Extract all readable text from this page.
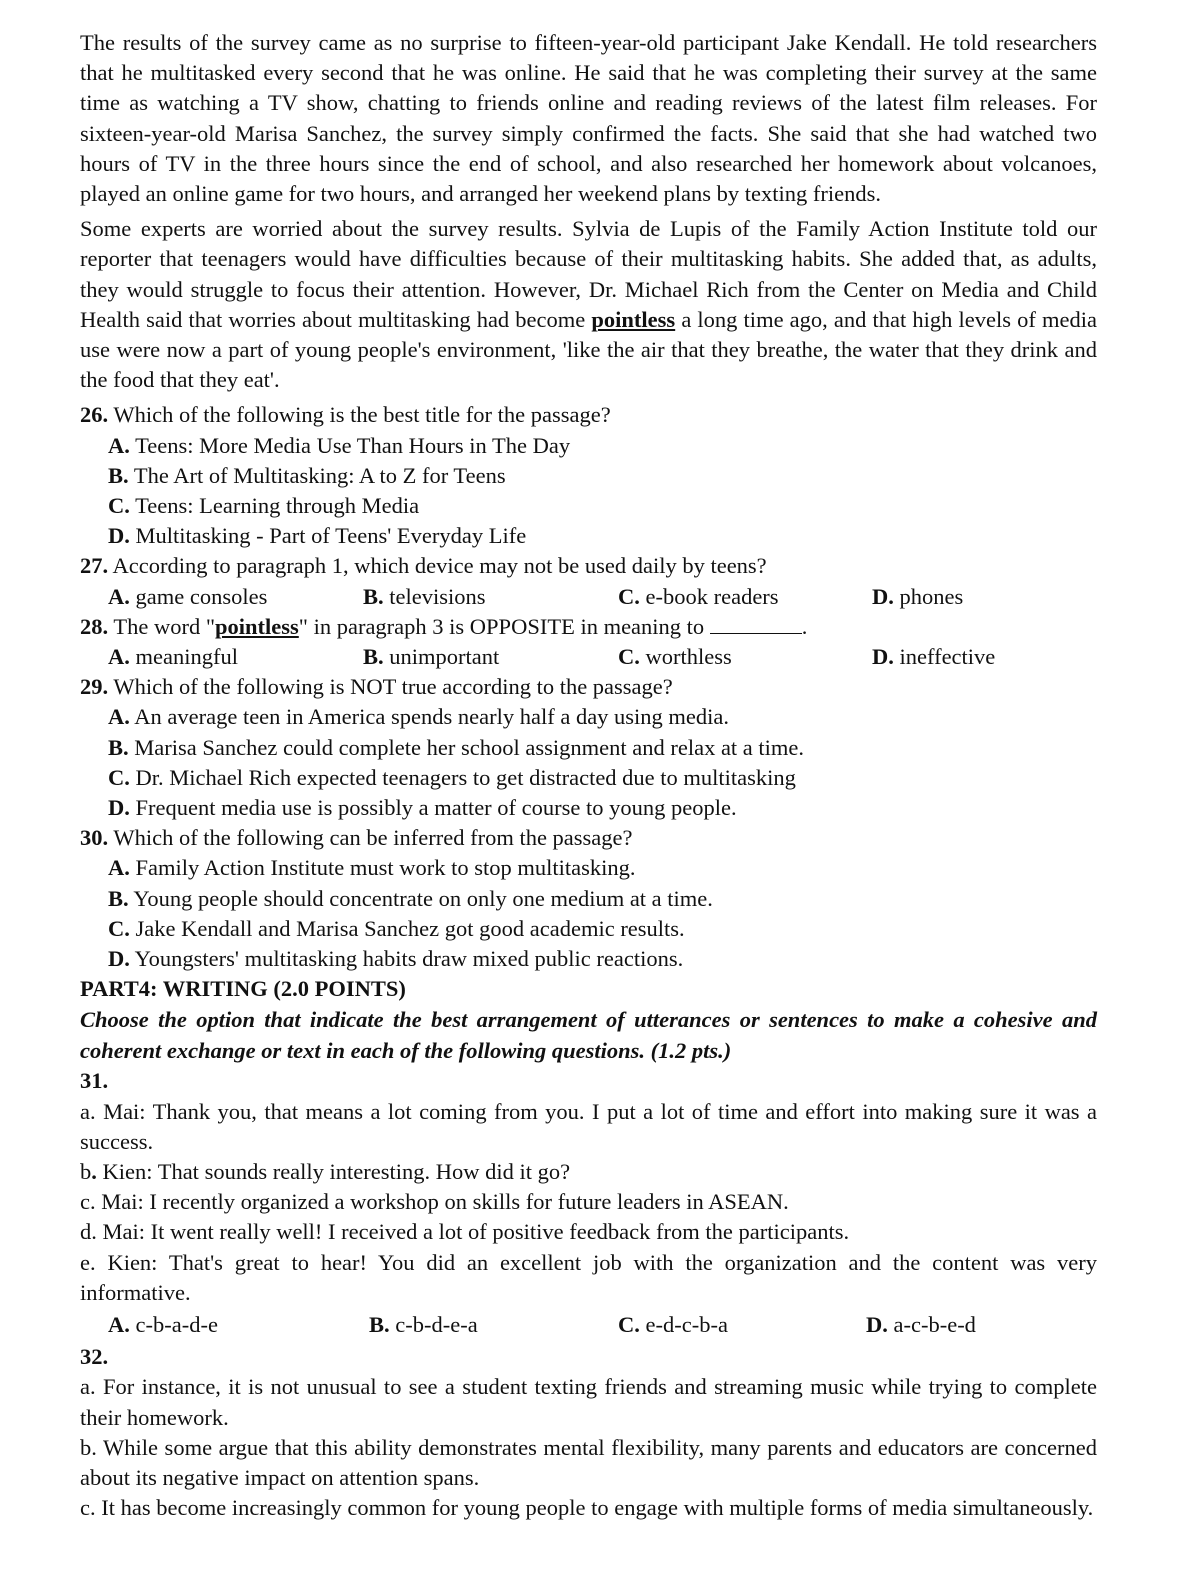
The results of the survey came as no surprise to fifteen-year-old participant Jake Kendall. He told researchers that he multitasked every second that he was online. He said that he was completing their survey at the same time as watching a TV show, chatting to friends online and reading reviews of the latest film releases. For sixteen-year-old Marisa Sanchez, the survey simply confirmed the facts. She said that she had watched two hours of TV in the three hours since the end of school, and also researched her homework about volcanoes, played an online game for two hours, and arranged her weekend plans by texting friends.

Some experts are worried about the survey results. Sylvia de Lupis of the Family Action Institute told our reporter that teenagers would have difficulties because of their multitasking habits. She added that, as adults, they would struggle to focus their attention. However, Dr. Michael Rich from the Center on Media and Child Health said that worries about multitasking had become pointless a long time ago, and that high levels of media use were now a part of young people's environment, 'like the air that they breathe, the water that they drink and the food that they eat'.

26. Which of the following is the best title for the passage?

A. Teens: More Media Use Than Hours in The Day

B. The Art of Multitasking: A to Z for Teens

C. Teens: Learning through Media

D. Multitasking - Part of Teens' Everyday Life

27. According to paragraph 1, which device may not be used daily by teens?

A. game consoles	B. televisions	C. e-book readers	D. phones

28. The word "pointless" in paragraph 3 is OPPOSITE in meaning to	.

A. meaningful	B. unimportant	C. worthless	D. ineffective

29. Which of the following is NOT true according to the passage?

A. An average teen in America spends nearly half a day using media.

B. Marisa Sanchez could complete her school assignment and relax at a time.

C. Dr. Michael Rich expected teenagers to get distracted due to multitasking

D. Frequent media use is possibly a matter of course to young people.

30. Which of the following can be inferred from the passage?

A. Family Action Institute must work to stop multitasking.

B. Young people should concentrate on only one medium at a time.

C. Jake Kendall and Marisa Sanchez got good academic results.

D. Youngsters' multitasking habits draw mixed public reactions.

PART4: WRITING (2.0 POINTS)

Choose the option that indicate the best arrangement of utterances or sentences to make a cohesive and coherent exchange or text in each of the following questions. (1.2 pts.)

31.

a. Mai: Thank you, that means a lot coming from you. I put a lot of time and effort into making sure it was a success.

b. Kien: That sounds really interesting. How did it go?

c. Mai: I recently organized a workshop on skills for future leaders in ASEAN.

d. Mai: It went really well! I received a lot of positive feedback from the participants.

e. Kien: That's great to hear! You did an excellent job with the organization and the content was very informative.

A. c-b-a-d-e	B. c-b-d-e-a	C. e-d-c-b-a	D. a-c-b-e-d

32.

a. For instance, it is not unusual to see a student texting friends and streaming music while trying to complete their homework.

b. While some argue that this ability demonstrates mental flexibility, many parents and educators are concerned about its negative impact on attention spans.

c. It has become increasingly common for young people to engage with multiple forms of media simultaneously.
